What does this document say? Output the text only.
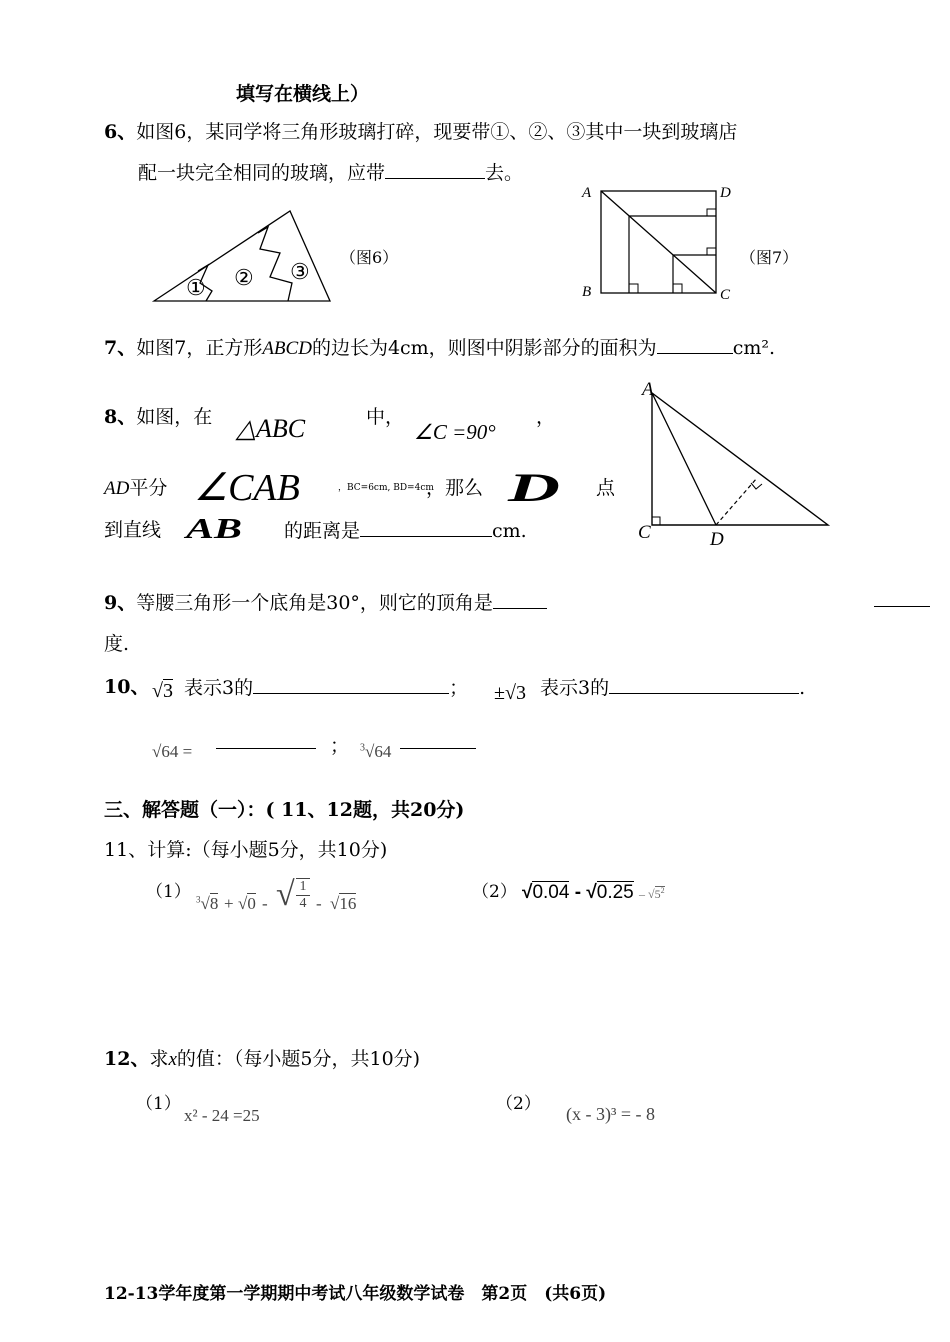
填写在横线上）
6、如图6，某同学将三角形玻璃打碎，现要带①、②、③其中一块到玻璃店
配一块完全相同的玻璃，应带	去。
① ② ③
（图6）
A	D
B	C
（图7）
7、如图7，正方形ABCD的边长为4cm，则图中阴影部分的面积为	cm².
8、如图，在 △ABC	中，
∠C =90°
，
AD平分 ∠CAB	，BC=6cm, BD=4cm
，那么 D 点
到直线 AB 的距离是	cm.
A
C	D
9、等腰三角形一个底角是30°，则它的顶角是
度.
10、 √3 表示3的	； ±√3 表示3的	.
√64 =	； $^3$√64
三、解答题（一）：( 11、12题，共20分)
11、计算:（每小题5分，共10分)
（1） $^3$√8 + √0 - √ 1

4 - √16
（2） $√0.04 - √0.25 - √5^2$
12、求x的值：（每小题5分，共10分)
（1）
x² - 24 =25
（2） (x - 3)³ = - 8
12-13学年度第一学期期中考试八年级数学试卷　第2页　(共6页)
